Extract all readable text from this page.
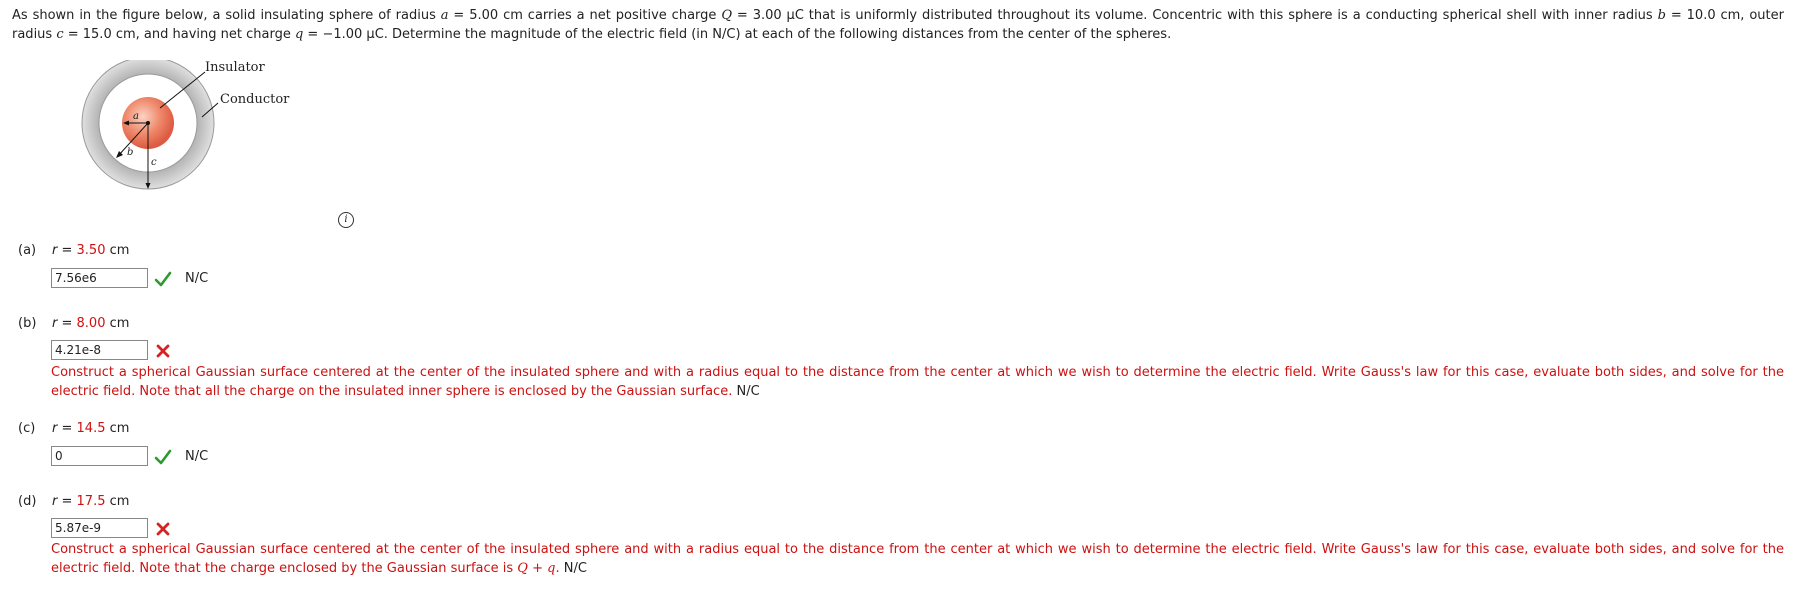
As shown in the figure below, a solid insulating sphere of radius a = 5.00 cm carries a net positive charge Q = 3.00 µC that is uniformly distributed throughout its volume. Concentric with this sphere is a conducting spherical shell with inner radius b = 10.0 cm, outer radius c = 15.0 cm, and having net charge q = −1.00 µC. Determine the magnitude of the electric field (in N/C) at each of the following distances from the center of the spheres.
Insulator
Conductor
a
b
c
i
(a) r = 3.50 cm
7.56e6
N/C
(b) r = 8.00 cm
4.21e-8
Construct a spherical Gaussian surface centered at the center of the insulated sphere and with a radius equal to the distance from the center at which we wish to determine the electric field. Write Gauss's law for this case, evaluate both sides, and solve for the electric field. Note that all the charge on the insulated inner sphere is enclosed by the Gaussian surface. N/C
(c) r = 14.5 cm
0
N/C
(d) r = 17.5 cm
5.87e-9
Construct a spherical Gaussian surface centered at the center of the insulated sphere and with a radius equal to the distance from the center at which we wish to determine the electric field. Write Gauss's law for this case, evaluate both sides, and solve for the electric field. Note that the charge enclosed by the Gaussian surface is Q + q. N/C
